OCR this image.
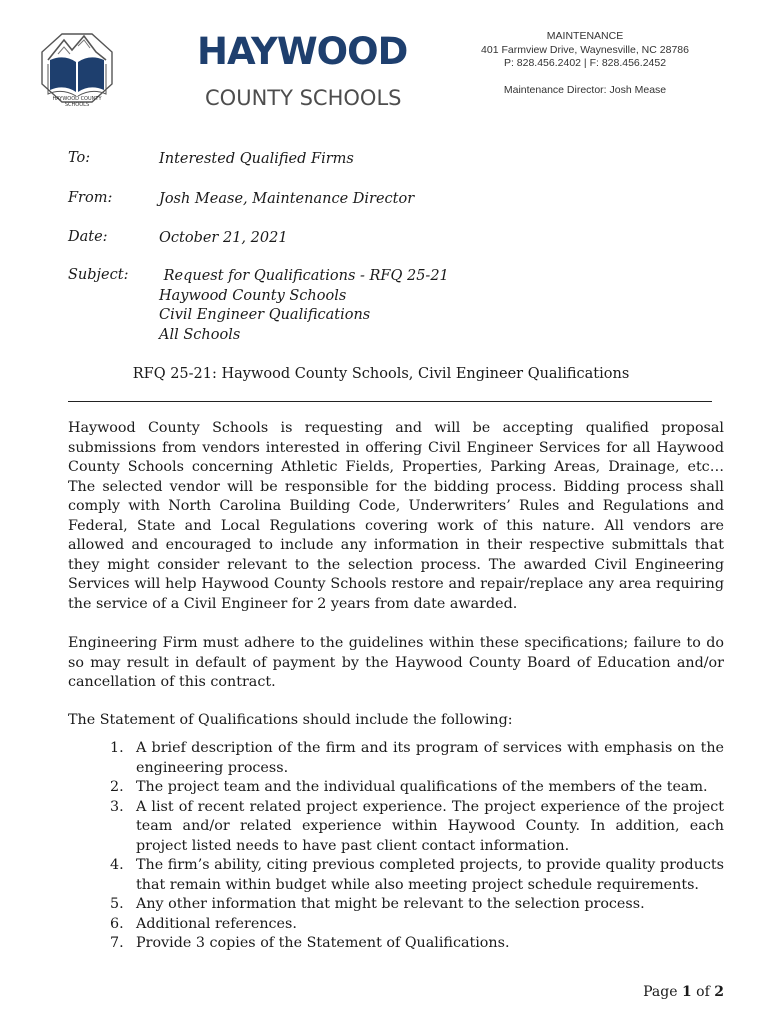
HAYWOOD COUNTY
SCHOOLS
HAYWOOD
COUNTY SCHOOLS
MAINTENANCE
401 Farmview Drive, Waynesville, NC 28786
P: 828.456.2402 | F: 828.456.2452
Maintenance Director: Josh Mease
To:	Interested Qualified Firms
From:	Josh Mease, Maintenance Director
Date:	October 21, 2021
Subject:	Request for Qualifications - RFQ 25-21
Haywood County Schools
Civil Engineer Qualifications
All Schools
RFQ 25-21: Haywood County Schools, Civil Engineer Qualifications

Haywood County Schools is requesting and will be accepting qualified proposal submissions from vendors interested in offering Civil Engineer Services for all Haywood County Schools concerning Athletic Fields, Properties, Parking Areas, Drainage, etc… The selected vendor will be responsible for the bidding process. Bidding process shall comply with North Carolina Building Code, Underwriters’ Rules and Regulations and Federal, State and Local Regulations covering work of this nature. All vendors are allowed and encouraged to include any information in their respective submittals that they might consider relevant to the selection process. The awarded Civil Engineering Services will help Haywood County Schools restore and repair/replace any area requiring the service of a Civil Engineer for 2 years from date awarded.

Engineering Firm must adhere to the guidelines within these specifications; failure to do so may result in default of payment by the Haywood County Board of Education and/or cancellation of this contract.

The Statement of Qualifications should include the following:

1. A brief description of the firm and its program of services with emphasis on the engineering process.
2. The project team and the individual qualifications of the members of the team.
3. A list of recent related project experience. The project experience of the project team and/or related experience within Haywood County. In addition, each project listed needs to have past client contact information.
4. The firm’s ability, citing previous completed projects, to provide quality products that remain within budget while also meeting project schedule requirements.
5. Any other information that might be relevant to the selection process.
6. Additional references.
7. Provide 3 copies of the Statement of Qualifications.
Page 1 of 2
